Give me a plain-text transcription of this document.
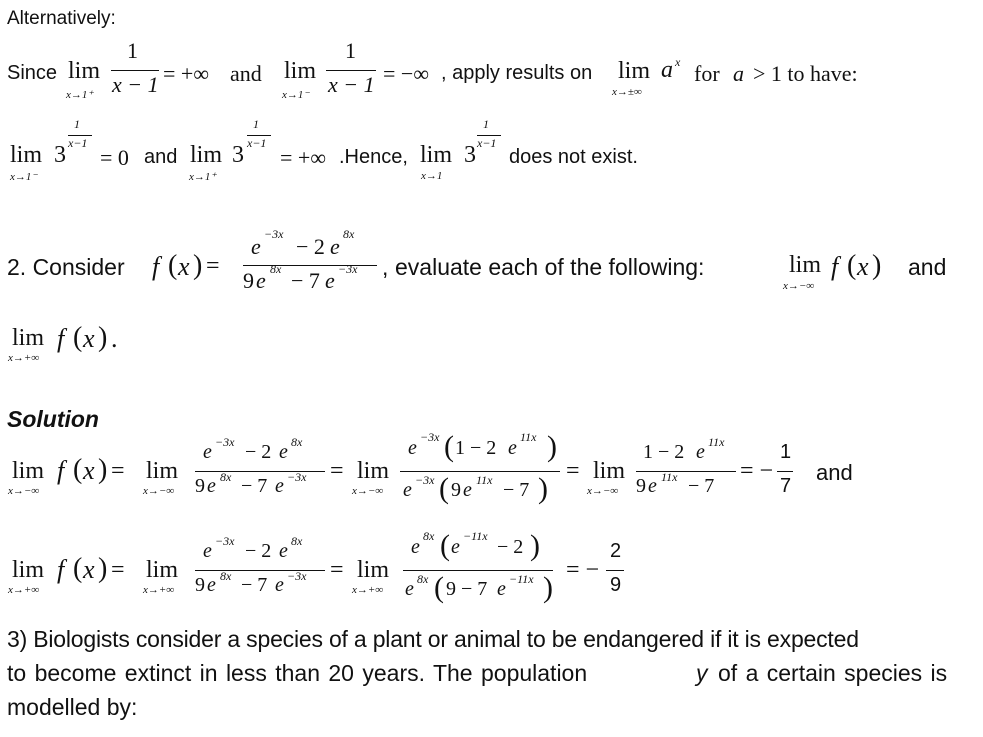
Alternatively:
Since lim
x→1⁺
1
x − 1 = +∞ and lim
x→1⁻
1
x − 1 = −∞ , apply results on lim
x→±∞
a x for a > 1 to have:
lim
x→1⁻
3
1
x−1
= 0 and lim
x→1⁺
3
1
x−1
= +∞ .Hence, lim
x→1
3
1
x−1
does not exist.
2. Consider f ( x ) =
e −3x − 2 e 8x
9 e 8x − 7 e −3x , evaluate each of the following:	lim
x→−∞
f ( x ) and
lim
x→+∞
f ( x ) .
Solution
lim
x→−∞
f ( x ) = lim
x→−∞
e −3x − 2 e 8x
9 e 8x − 7 e −3x = lim
x→−∞
e −3x ( 1 − 2 e 11x )
e −3x ( 9 e 11x − 7 )
= lim
x→−∞
1 − 2 e 11x
9 e 11x − 7
= −
1
7
and
lim
x→+∞
f ( x ) = lim
x→+∞
e −3x − 2 e 8x
9 e 8x − 7 e −3x = lim
x→+∞
e 8x ( e −11x − 2 )
e 8x ( 9 − 7 e −11x )
= −
2
9
3) Biologists consider a species of a plant or animal to be endangered if it is expected
to become extinct in less than 20 years. The population	y of a certain species is
modelled by:
